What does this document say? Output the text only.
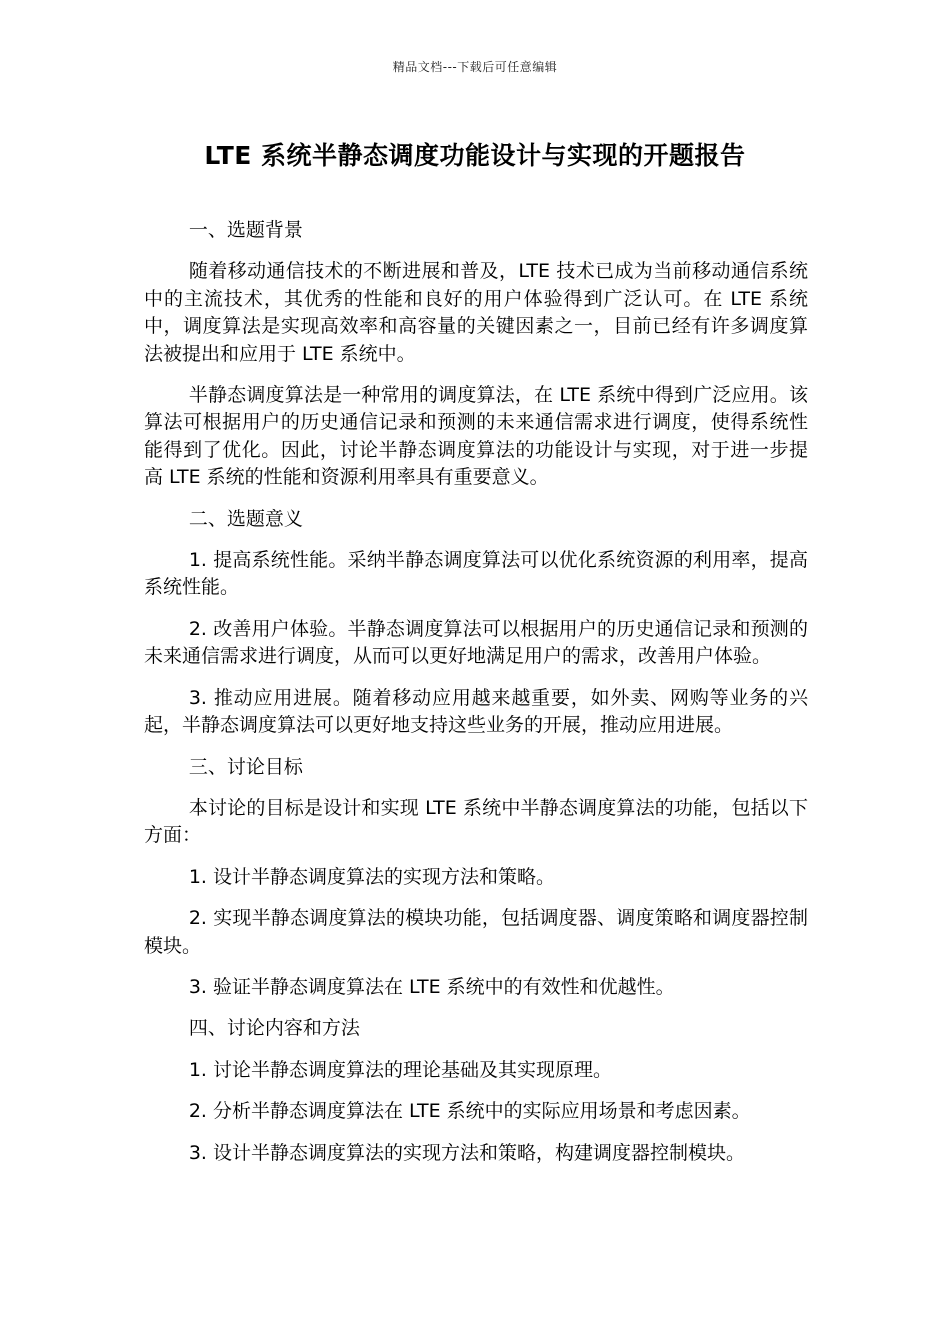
精品文档---下载后可任意编辑
LTE 系统半静态调度功能设计与实现的开题报告

一、选题背景

随着移动通信技术的不断进展和普及，LTE 技术已成为当前移动通信系统中的主流技术，其优秀的性能和良好的用户体验得到广泛认可。在 LTE 系统中，调度算法是实现高效率和高容量的关键因素之一，目前已经有许多调度算法被提出和应用于 LTE 系统中。

半静态调度算法是一种常用的调度算法，在 LTE 系统中得到广泛应用。该算法可根据用户的历史通信记录和预测的未来通信需求进行调度，使得系统性能得到了优化。因此，讨论半静态调度算法的功能设计与实现，对于进一步提高 LTE 系统的性能和资源利用率具有重要意义。

二、选题意义

1. 提高系统性能。采纳半静态调度算法可以优化系统资源的利用率，提高系统性能。

2. 改善用户体验。半静态调度算法可以根据用户的历史通信记录和预测的未来通信需求进行调度，从而可以更好地满足用户的需求，改善用户体验。

3. 推动应用进展。随着移动应用越来越重要，如外卖、网购等业务的兴起，半静态调度算法可以更好地支持这些业务的开展，推动应用进展。

三、讨论目标

本讨论的目标是设计和实现 LTE 系统中半静态调度算法的功能，包括以下方面：

1. 设计半静态调度算法的实现方法和策略。

2. 实现半静态调度算法的模块功能，包括调度器、调度策略和调度器控制模块。

3. 验证半静态调度算法在 LTE 系统中的有效性和优越性。

四、讨论内容和方法

1. 讨论半静态调度算法的理论基础及其实现原理。

2. 分析半静态调度算法在 LTE 系统中的实际应用场景和考虑因素。

3. 设计半静态调度算法的实现方法和策略，构建调度器控制模块。
